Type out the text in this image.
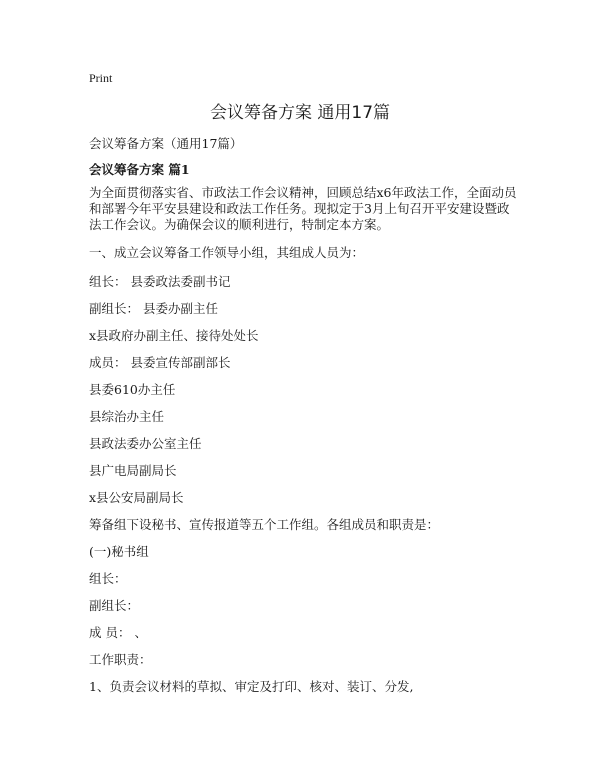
Print
会议筹备方案 通用17篇
会议筹备方案（通用17篇）
会议筹备方案 篇1
为全面贯彻落实省、市政法工作会议精神，回顾总结x6年政法工作，全面动员和部署今年平安县建设和政法工作任务。现拟定于3月上旬召开平安建设暨政法工作会议。为确保会议的顺利进行，特制定本方案。
一、成立会议筹备工作领导小组，其组成人员为：
组长： 县委政法委副书记
副组长： 县委办副主任
x县政府办副主任、接待处处长
成员： 县委宣传部副部长
县委610办主任
县综治办主任
县政法委办公室主任
县广电局副局长
x县公安局副局长
筹备组下设秘书、宣传报道等五个工作组。各组成员和职责是：
(一)秘书组
组长：
副组长：
成 员： 、
工作职责：
1、负责会议材料的草拟、审定及打印、核对、装订、分发,
